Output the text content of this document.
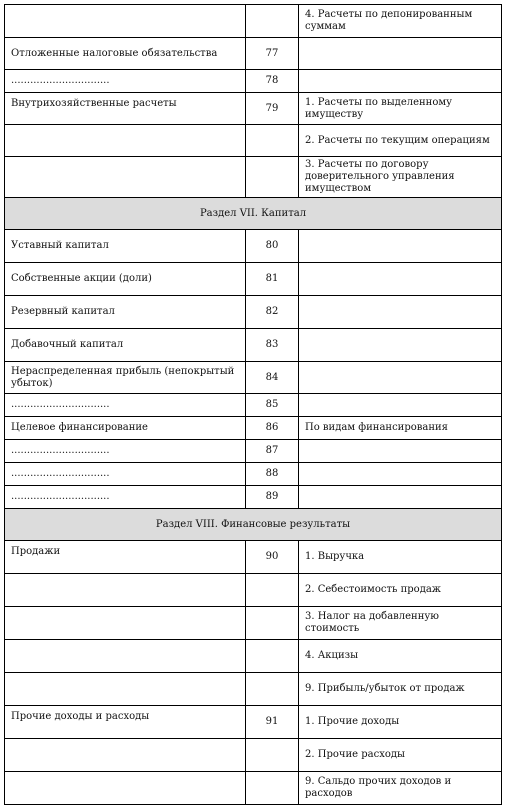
		4. Расчеты по депонированным суммам
Отложенные налоговые обязательства	77	
...............................	78	
Внутрихозяйственные расчеты	79	1. Расчеты по выделенному имуществу
		2. Расчеты по текущим операциям
		3. Расчеты по договору доверительного управления имуществом
Раздел VII. Капитал		
Уставный капитал	80	
Собственные акции (доли)	81	
Резервный капитал	82	
Добавочный капитал	83	
Нераспределенная прибыль (непокрытый убыток)	84	
...............................	85	
Целевое финансирование	86	По видам финансирования
...............................	87	
...............................	88	
...............................	89	
Раздел VIII. Финансовые результаты		
Продажи	90	1. Выручка
		2. Себестоимость продаж
		3. Налог на добавленную стоимость
		4. Акцизы
		9. Прибыль/убыток от продаж
Прочие доходы и расходы	91	1. Прочие доходы
		2. Прочие расходы
		9. Сальдо прочих доходов и расходов
